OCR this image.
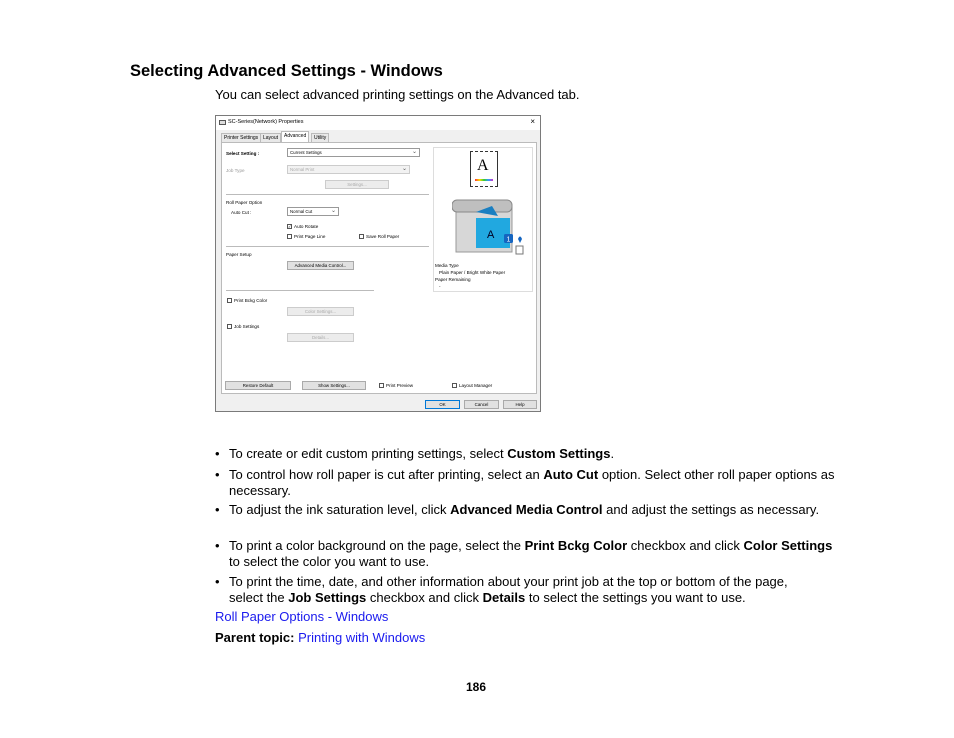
Selecting Advanced Settings - Windows
You can select advanced printing settings on the Advanced tab.
SC-Series(Network) Properties	×
Printer Settings Layout	Advanced	Utility
Select Setting :	Current Settings	⌄
Job Type	Normal Print	⌄
Settings...
Roll Paper Option
Auto Cut :	Normal Cut	⌄
✓ Auto Rotate
Print Page Line	Save Roll Paper
Paper Setup
Advanced Media Control...
Print Bckg Color
Color Settings...
Job Settings
Details...
A
A 1
Media Type
Plain Paper / Bright White Paper
Paper Remaining
-
Restore Default	Show Settings...	Print Preview	Layout Manager
OK	Cancel	Help
• To create or edit custom printing settings, select Custom Settings.
• To control how roll paper is cut after printing, select an Auto Cut option. Select other roll paper options as necessary.
• To adjust the ink saturation level, click Advanced Media Control and adjust the settings as necessary.
• To print a color background on the page, select the Print Bckg Color checkbox and click Color Settings to select the color you want to use.
• To print the time, date, and other information about your print job at the top or bottom of the page, select the Job Settings checkbox and click Details to select the settings you want to use.
Roll Paper Options - Windows
Parent topic: Printing with Windows
186
